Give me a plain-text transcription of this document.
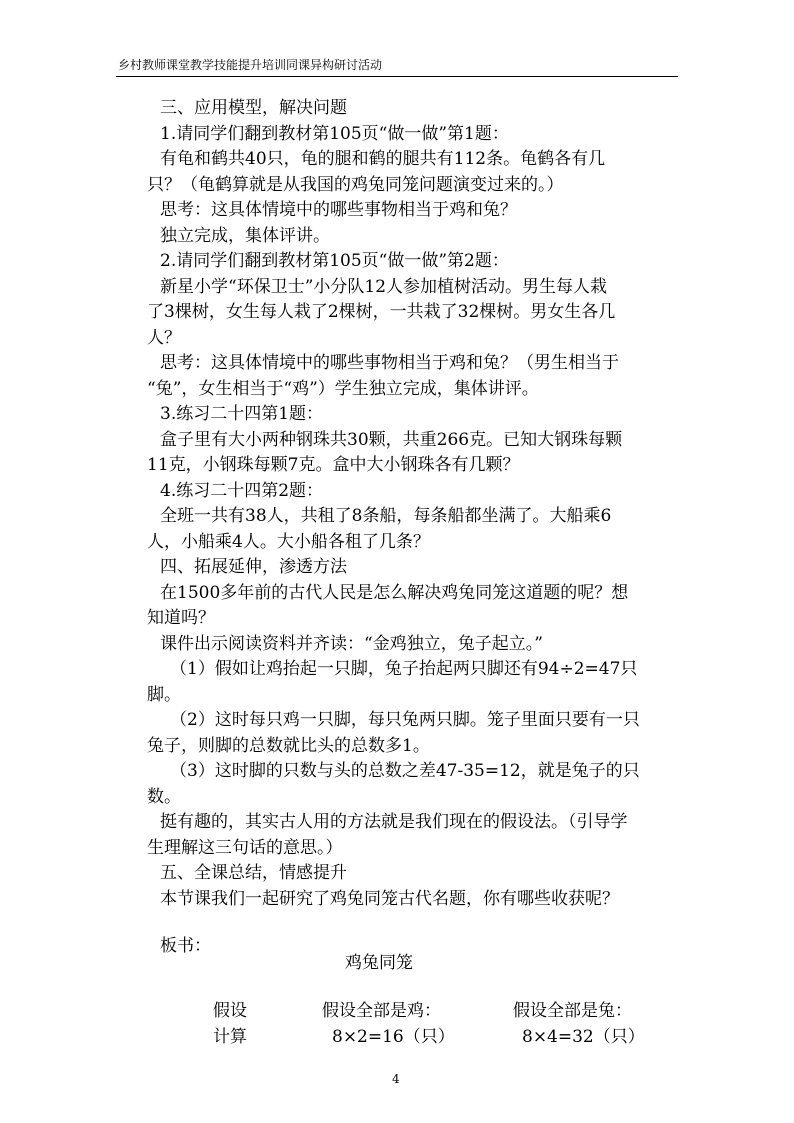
乡村教师课堂教学技能提升培训同课异构研讨活动
三、应用模型，解决问题
1.请同学们翻到教材第105页“做一做”第1题：
有龟和鹤共40只，龟的腿和鹤的腿共有112条。龟鹤各有几
只？（龟鹤算就是从我国的鸡兔同笼问题演变过来的。）
思考：这具体情境中的哪些事物相当于鸡和兔？
独立完成，集体评讲。
2.请同学们翻到教材第105页“做一做”第2题：
新星小学“环保卫士”小分队12人参加植树活动。男生每人栽
了3棵树，女生每人栽了2棵树，一共栽了32棵树。男女生各几
人？
思考：这具体情境中的哪些事物相当于鸡和兔？（男生相当于
“兔”，女生相当于“鸡”）学生独立完成，集体讲评。
3.练习二十四第1题：
盒子里有大小两种钢珠共30颗，共重266克。已知大钢珠每颗
11克，小钢珠每颗7克。盒中大小钢珠各有几颗？
4.练习二十四第2题：
全班一共有38人，共租了8条船，每条船都坐满了。大船乘6
人，小船乘4人。大小船各租了几条？
四、拓展延伸，渗透方法
在1500多年前的古代人民是怎么解决鸡兔同笼这道题的呢？想
知道吗？
课件出示阅读资料并齐读：“金鸡独立，兔子起立。”
（1）假如让鸡抬起一只脚，兔子抬起两只脚还有94÷2=47只
脚。
（2）这时每只鸡一只脚，每只兔两只脚。笼子里面只要有一只
兔子，则脚的总数就比头的总数多1。
（3）这时脚的只数与头的总数之差47-35=12，就是兔子的只
数。
挺有趣的，其实古人用的方法就是我们现在的假设法。（引导学
生理解这三句话的意思。）
五、全课总结，情感提升
本节课我们一起研究了鸡兔同笼古代名题，你有哪些收获呢？
板书：
鸡兔同笼
假设	假设全部是鸡：	假设全部是兔：
计算	8×2=16（只）	8×4=32（只）
4
